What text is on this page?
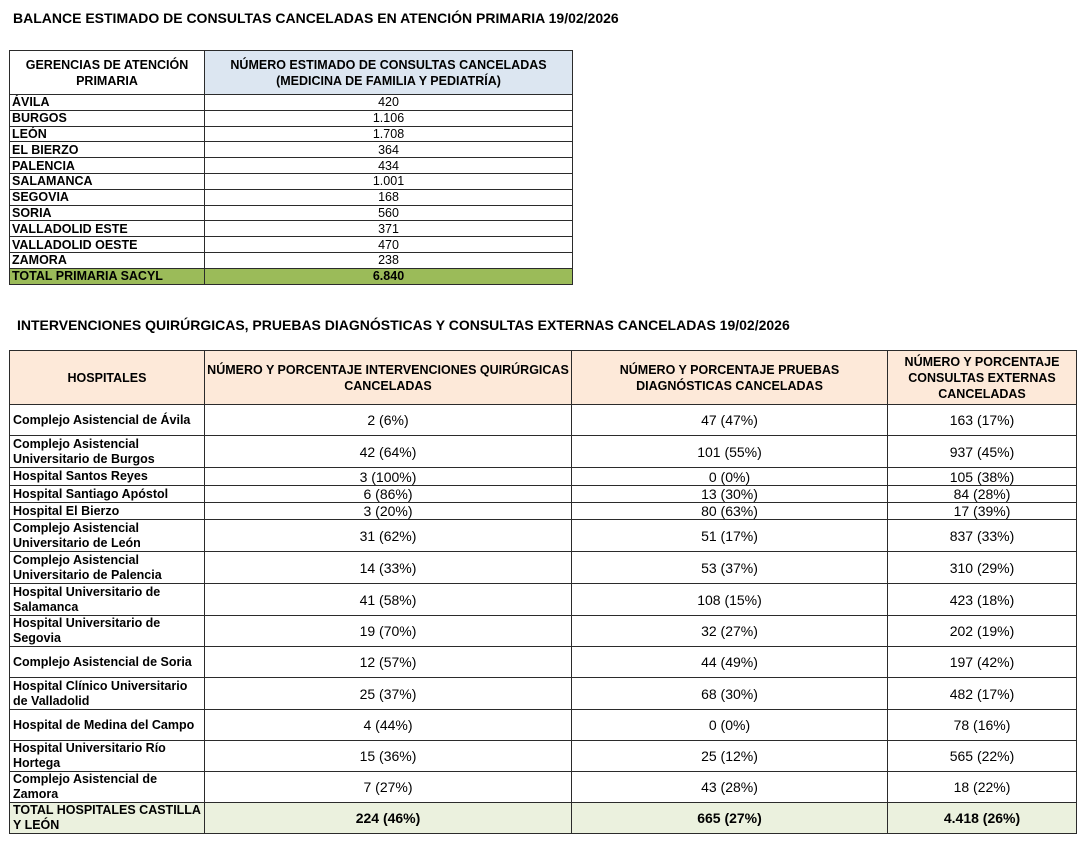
BALANCE ESTIMADO DE CONSULTAS CANCELADAS EN ATENCIÓN PRIMARIA 19/02/2026
GERENCIAS DE ATENCIÓN PRIMARIA	NÚMERO ESTIMADO DE CONSULTAS CANCELADAS (MEDICINA DE FAMILIA Y PEDIATRÍA)
ÁVILA	420
BURGOS	1.106
LEÓN	1.708
EL BIERZO	364
PALENCIA	434
SALAMANCA	1.001
SEGOVIA	168
SORIA	560
VALLADOLID ESTE	371
VALLADOLID OESTE	470
ZAMORA	238
TOTAL PRIMARIA SACYL	6.840
INTERVENCIONES QUIRÚRGICAS, PRUEBAS DIAGNÓSTICAS Y CONSULTAS EXTERNAS CANCELADAS 19/02/2026
HOSPITALES	NÚMERO Y PORCENTAJE INTERVENCIONES QUIRÚRGICAS CANCELADAS	NÚMERO Y PORCENTAJE PRUEBAS DIAGNÓSTICAS CANCELADAS	NÚMERO Y PORCENTAJE CONSULTAS EXTERNAS CANCELADAS
Complejo Asistencial de Ávila	2 (6%)	47 (47%)	163 (17%)
Complejo Asistencial Universitario de Burgos	42 (64%)	101 (55%)	937 (45%)
Hospital Santos Reyes	3 (100%)	0 (0%)	105 (38%)
Hospital Santiago Apóstol	6 (86%)	13 (30%)	84 (28%)
Hospital El Bierzo	3 (20%)	80 (63%)	17 (39%)
Complejo Asistencial Universitario de León	31 (62%)	51 (17%)	837 (33%)
Complejo Asistencial Universitario de Palencia	14 (33%)	53 (37%)	310 (29%)
Hospital Universitario de Salamanca	41 (58%)	108 (15%)	423 (18%)
Hospital Universitario de Segovia	19 (70%)	32 (27%)	202 (19%)
Complejo Asistencial de Soria	12 (57%)	44 (49%)	197 (42%)
Hospital Clínico Universitario de Valladolid	25 (37%)	68 (30%)	482 (17%)
Hospital de Medina del Campo	4 (44%)	0 (0%)	78 (16%)
Hospital Universitario Río Hortega	15 (36%)	25 (12%)	565 (22%)
Complejo Asistencial de Zamora	7 (27%)	43 (28%)	18 (22%)
TOTAL HOSPITALES CASTILLA Y LEÓN	224 (46%)	665 (27%)	4.418 (26%)
